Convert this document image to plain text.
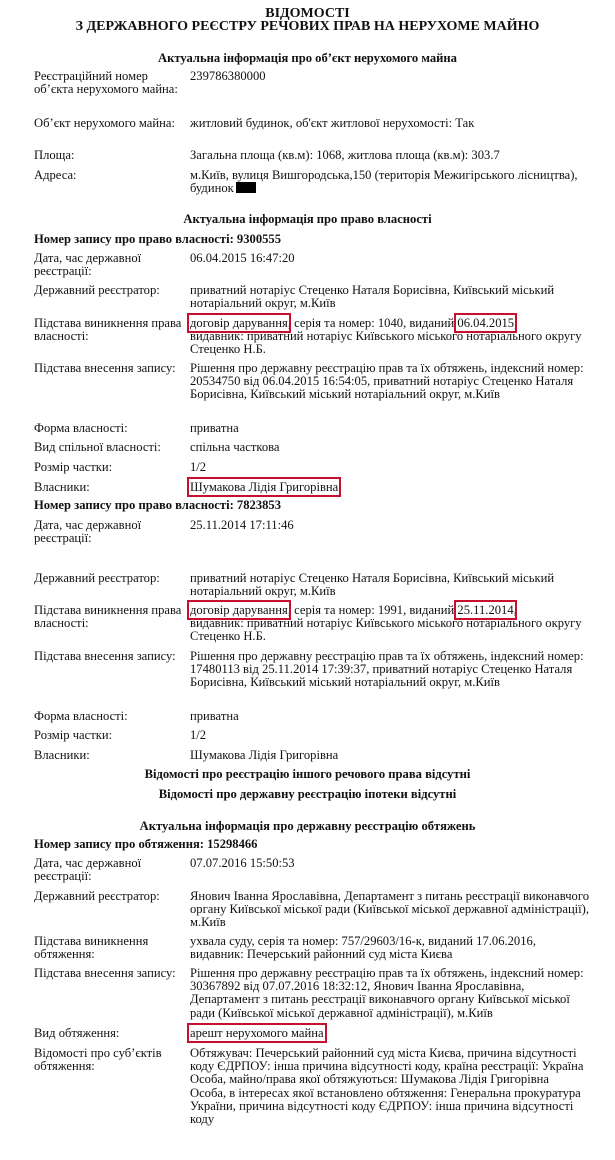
ВІДОМОСТІ
З ДЕРЖАВНОГО РЕЄСТРУ РЕЧОВИХ ПРАВ НА НЕРУХОМЕ МАЙНО
Актуальна інформація про об’єкт нерухомого майна
Реєстраційний номер об’єкта нерухомого майна:
239786380000
Об’єкт нерухомого майна:	житловий будинок, об'єкт житлової нерухомості: Так
Площа:	Загальна площа (кв.м): 1068, житлова площа (кв.м): 303.7
Адреса:	м.Київ, вулиця Вишгородська,150 (територія Межигірського лісництва), будинок
Актуальна інформація про право власності
Номер запису про право власності: 9300555
Дата, час державної реєстрації:
06.04.2015 16:47:20
Державний реєстратор:	приватний нотаріус Стеценко Наталя Борисівна, Київський міський нотаріальний округ, м.Київ
Підстава виникнення права власності:
договір дарування, серія та номер: 1040, виданий 06.04.2015,
видавник: приватний нотаріус Київського міського нотаріального округу Стеценко Н.Б.
Підстава внесення запису:	Рішення про державну реєстрацію прав та їх обтяжень, індексний номер: 20534750 від 06.04.2015 16:54:05, приватний нотаріус Стеценко Наталя Борисівна, Київський міський нотаріальний округ, м.Київ
Форма власності:	приватна
Вид спільної власності:	спільна часткова
Розмір частки:	1/2
Власники:	Шумакова Лідія Григорівна
Номер запису про право власності: 7823853
Дата, час державної реєстрації:
25.11.2014 17:11:46
Державний реєстратор:	приватний нотаріус Стеценко Наталя Борисівна, Київський міський нотаріальний округ, м.Київ
Підстава виникнення права власності:
договір дарування, серія та номер: 1991, виданий 25.11.2014,
видавник: приватний нотаріус Київського міського нотаріального округу Стеценко Н.Б.
Підстава внесення запису:	Рішення про державну реєстрацію прав та їх обтяжень, індексний номер: 17480113 від 25.11.2014 17:39:37, приватний нотаріус Стеценко Наталя Борисівна, Київський міський нотаріальний округ, м.Київ
Форма власності:	приватна
Розмір частки:	1/2
Власники:	Шумакова Лідія Григорівна
Відомості про реєстрацію іншого речового права відсутні
Відомості про державну реєстрацію іпотеки відсутні
Актуальна інформація про державну реєстрацію обтяжень
Номер запису про обтяження: 15298466
Дата, час державної реєстрації:
07.07.2016 15:50:53
Державний реєстратор:	Янович Іванна Ярославівна, Департамент з питань реєстрації виконавчого органу Київської міської ради (Київської міської державної адміністрації), м.Київ
Підстава виникнення обтяження:
ухвала суду, серія та номер: 757/29603/16-к, виданий 17.06.2016, видавник: Печерський районний суд міста Києва
Підстава внесення запису:	Рішення про державну реєстрацію прав та їх обтяжень, індексний номер: 30367892 від 07.07.2016 18:32:12, Янович Іванна Ярославівна, Департамент з питань реєстрації виконавчого органу Київської міської ради (Київської міської державної адміністрації), м.Київ
Вид обтяження:	арешт нерухомого майна
Відомості про суб’єктів обтяження:
Обтяжувач: Печерський районний суд міста Києва, причина відсутності коду ЄДРПОУ: інша причина відсутності коду, країна реєстрації: Україна
Особа, майно/права якої обтяжуються: Шумакова Лідія Григорівна
Особа, в інтересах якої встановлено обтяження: Генеральна прокуратура України, причина відсутності коду ЄДРПОУ: інша причина відсутності коду
